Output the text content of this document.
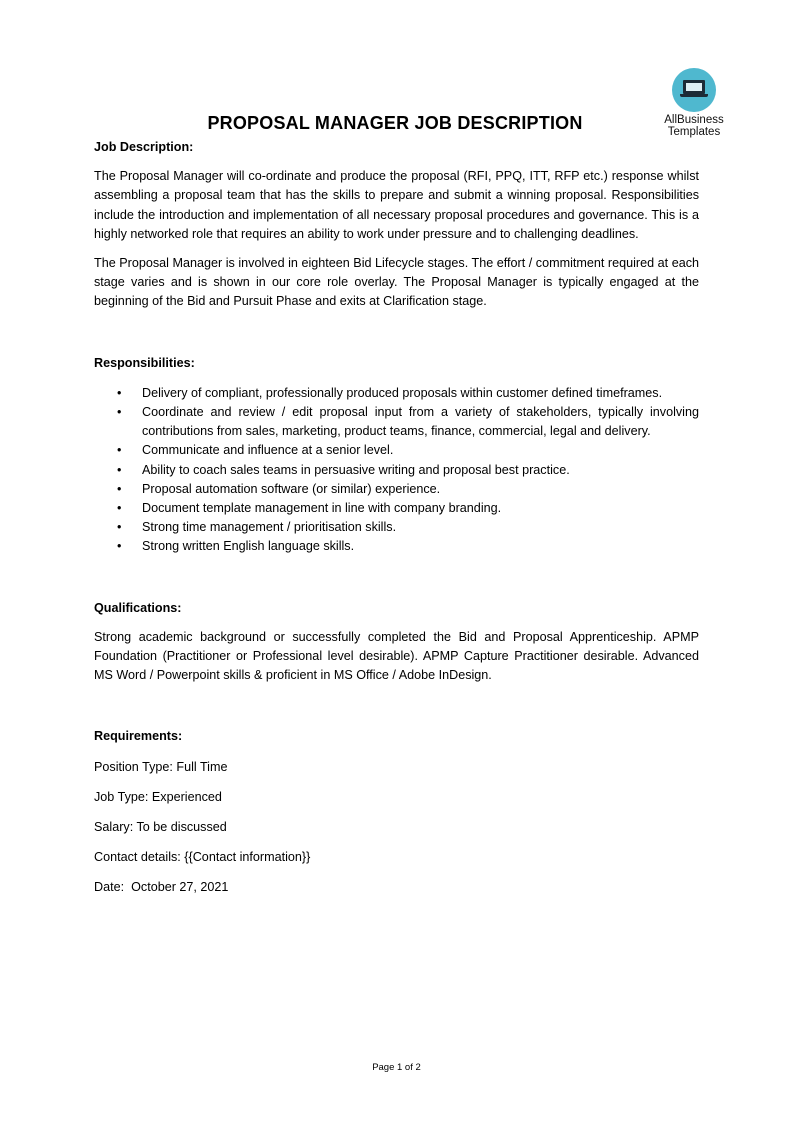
AllBusiness
Templates
PROPOSAL MANAGER JOB DESCRIPTION

Job Description:

The Proposal Manager will co-ordinate and produce the proposal (RFI, PPQ, ITT, RFP etc.) response whilst assembling a proposal team that has the skills to prepare and submit a winning proposal. Responsibilities include the introduction and implementation of all necessary proposal procedures and governance. This is a highly networked role that requires an ability to work under pressure and to challenging deadlines.

The Proposal Manager is involved in eighteen Bid Lifecycle stages. The effort / commitment required at each stage varies and is shown in our core role overlay. The Proposal Manager is typically engaged at the beginning of the Bid and Pursuit Phase and exits at Clarification stage.

Responsibilities:

• Delivery of compliant, professionally produced proposals within customer defined timeframes.
• Coordinate and review / edit proposal input from a variety of stakeholders, typically involving contributions from sales, marketing, product teams, finance, commercial, legal and delivery.
• Communicate and influence at a senior level.
• Ability to coach sales teams in persuasive writing and proposal best practice.
• Proposal automation software (or similar) experience.
• Document template management in line with company branding.
• Strong time management / prioritisation skills.
• Strong written English language skills.

Qualifications:

Strong academic background or successfully completed the Bid and Proposal Apprenticeship. APMP Foundation (Practitioner or Professional level desirable). APMP Capture Practitioner desirable. Advanced MS Word / Powerpoint skills & proficient in MS Office / Adobe InDesign.

Requirements:

Position Type: Full Time

Job Type: Experienced

Salary: To be discussed

Contact details: {{Contact information}}

Date:  October 27, 2021

Page 1 of 2
